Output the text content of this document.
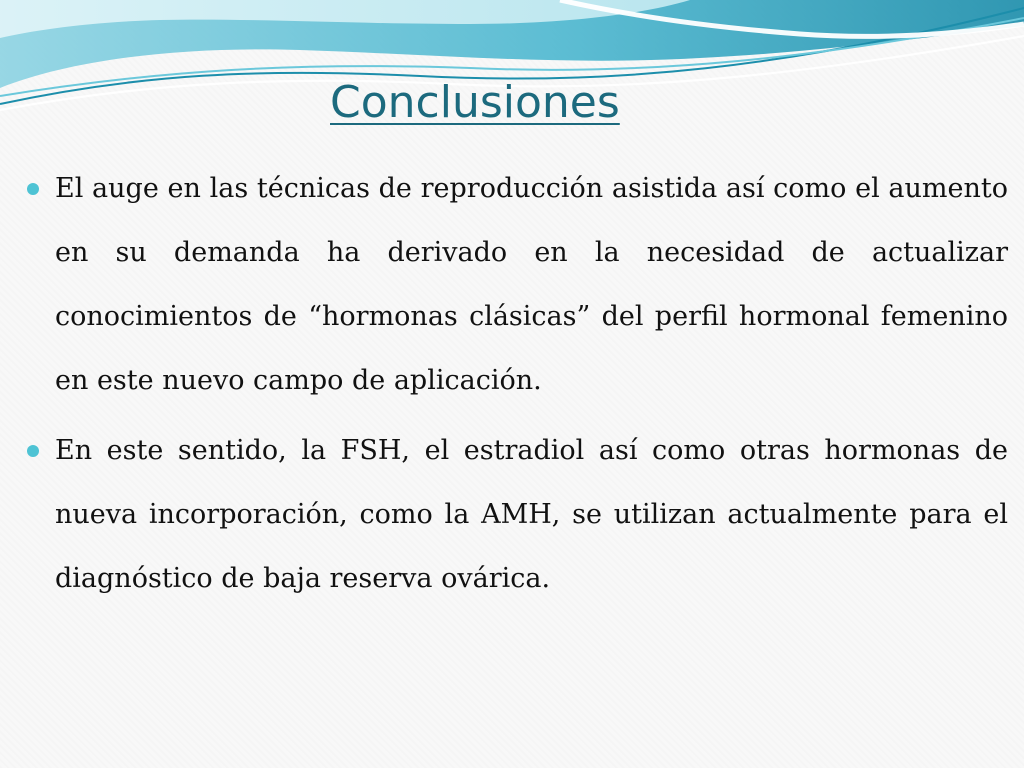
Conclusiones
El auge en las técnicas de reproducción asistida así como el aumento en su demanda ha derivado en la necesidad de actualizar conocimientos de “hormonas clásicas” del perfil hormonal femenino en este nuevo campo de aplicación.
En este sentido, la FSH, el estradiol así como otras hormonas de nueva incorporación, como la AMH, se utilizan actualmente para el diagnóstico de baja reserva ovárica.
